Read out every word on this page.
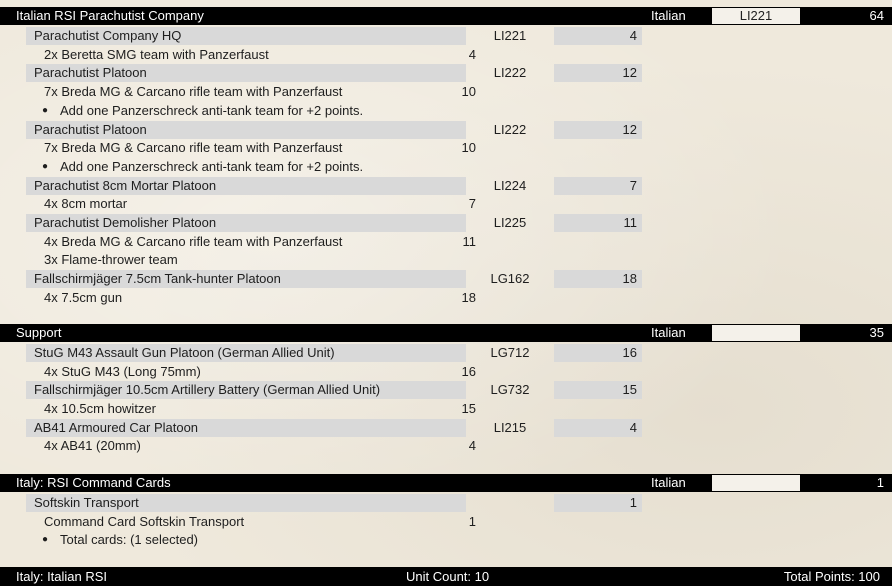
Italian RSI Parachutist Company	Italian	LI221	64
Parachutist Company HQ	LI221	4
2x Beretta SMG team with Panzerfaust	4
Parachutist Platoon	LI222	12
7x Breda MG & Carcano rifle team with Panzerfaust	10
● Add one Panzerschreck anti-tank team for +2 points.
Parachutist Platoon	LI222	12
7x Breda MG & Carcano rifle team with Panzerfaust	10
● Add one Panzerschreck anti-tank team for +2 points.
Parachutist 8cm Mortar Platoon	LI224	7
4x 8cm mortar	7
Parachutist Demolisher Platoon	LI225	11
4x Breda MG & Carcano rifle team with Panzerfaust	11
3x Flame-thrower team
Fallschirmjäger 7.5cm Tank-hunter Platoon	LG162	18
4x 7.5cm gun	18
Support	Italian	35
StuG M43 Assault Gun Platoon (German Allied Unit)	LG712	16
4x StuG M43 (Long 75mm)	16
Fallschirmjäger 10.5cm Artillery Battery (German Allied Unit)	LG732	15
4x 10.5cm howitzer	15
AB41 Armoured Car Platoon	LI215	4
4x AB41 (20mm)	4
Italy: RSI Command Cards	Italian	1
Softskin Transport	1
Command Card Softskin Transport	1
● Total cards: (1 selected)
Italy: Italian RSI	Unit Count: 10	Total Points: 100
